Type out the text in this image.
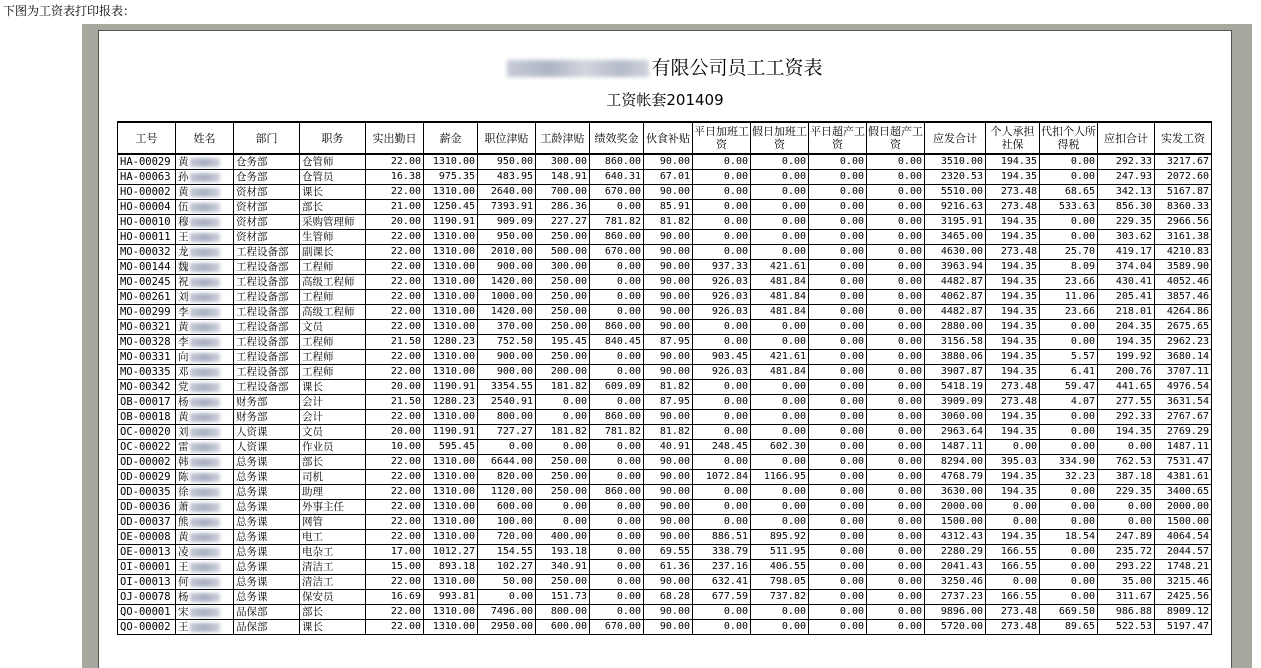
下图为工资表打印报表：
有限公司员工工资表
工资帐套201409
工号	姓名	部门	职务	实出勤日	薪金	职位津贴	工龄津贴	绩效奖金	伙食补贴	平日加班工资	假日加班工资	平日超产工资	假日超产工资	应发合计	个人承担社保	代扣个人所得税	应扣合计	实发工资
HA-00029	黄	仓务部	仓管师	22.00	1310.00	950.00	300.00	860.00	90.00	0.00	0.00	0.00	0.00	3510.00	194.35	0.00	292.33	3217.67
HA-00063	孙	仓务部	仓管员	16.38	975.35	483.95	148.91	640.31	67.01	0.00	0.00	0.00	0.00	2320.53	194.35	0.00	247.93	2072.60
HO-00002	黄	资材部	课长	22.00	1310.00	2640.00	700.00	670.00	90.00	0.00	0.00	0.00	0.00	5510.00	273.48	68.65	342.13	5167.87
HO-00004	伍	资材部	部长	21.00	1250.45	7393.91	286.36	0.00	85.91	0.00	0.00	0.00	0.00	9216.63	273.48	533.63	856.30	8360.33
HO-00010	穆	资材部	采购管理师	20.00	1190.91	909.09	227.27	781.82	81.82	0.00	0.00	0.00	0.00	3195.91	194.35	0.00	229.35	2966.56
HO-00011	王	资材部	生管师	22.00	1310.00	950.00	250.00	860.00	90.00	0.00	0.00	0.00	0.00	3465.00	194.35	0.00	303.62	3161.38
MO-00032	龙	工程设备部	副课长	22.00	1310.00	2010.00	500.00	670.00	90.00	0.00	0.00	0.00	0.00	4630.00	273.48	25.70	419.17	4210.83
MO-00144	魏	工程设备部	工程师	22.00	1310.00	900.00	300.00	0.00	90.00	937.33	421.61	0.00	0.00	3963.94	194.35	8.09	374.04	3589.90
MO-00245	祝	工程设备部	高级工程师	22.00	1310.00	1420.00	250.00	0.00	90.00	926.03	481.84	0.00	0.00	4482.87	194.35	23.66	430.41	4052.46
MO-00261	刘	工程设备部	工程师	22.00	1310.00	1000.00	250.00	0.00	90.00	926.03	481.84	0.00	0.00	4062.87	194.35	11.06	205.41	3857.46
MO-00299	李	工程设备部	高级工程师	22.00	1310.00	1420.00	250.00	0.00	90.00	926.03	481.84	0.00	0.00	4482.87	194.35	23.66	218.01	4264.86
MO-00321	黄	工程设备部	文员	22.00	1310.00	370.00	250.00	860.00	90.00	0.00	0.00	0.00	0.00	2880.00	194.35	0.00	204.35	2675.65
MO-00328	李	工程设备部	工程师	21.50	1280.23	752.50	195.45	840.45	87.95	0.00	0.00	0.00	0.00	3156.58	194.35	0.00	194.35	2962.23
MO-00331	向	工程设备部	工程师	22.00	1310.00	900.00	250.00	0.00	90.00	903.45	421.61	0.00	0.00	3880.06	194.35	5.57	199.92	3680.14
MO-00335	邓	工程设备部	工程师	22.00	1310.00	900.00	200.00	0.00	90.00	926.03	481.84	0.00	0.00	3907.87	194.35	6.41	200.76	3707.11
MO-00342	党	工程设备部	课长	20.00	1190.91	3354.55	181.82	609.09	81.82	0.00	0.00	0.00	0.00	5418.19	273.48	59.47	441.65	4976.54
OB-00017	杨	财务部	会计	21.50	1280.23	2540.91	0.00	0.00	87.95	0.00	0.00	0.00	0.00	3909.09	273.48	4.07	277.55	3631.54
OB-00018	黄	财务部	会计	22.00	1310.00	800.00	0.00	860.00	90.00	0.00	0.00	0.00	0.00	3060.00	194.35	0.00	292.33	2767.67
OC-00020	刘	人资课	文员	20.00	1190.91	727.27	181.82	781.82	81.82	0.00	0.00	0.00	0.00	2963.64	194.35	0.00	194.35	2769.29
OC-00022	雷	人资课	作业员	10.00	595.45	0.00	0.00	0.00	40.91	248.45	602.30	0.00	0.00	1487.11	0.00	0.00	0.00	1487.11
OD-00002	韩	总务课	部长	22.00	1310.00	6644.00	250.00	0.00	90.00	0.00	0.00	0.00	0.00	8294.00	395.03	334.90	762.53	7531.47
OD-00029	陈	总务课	司机	22.00	1310.00	820.00	250.00	0.00	90.00	1072.84	1166.95	0.00	0.00	4768.79	194.35	32.23	387.18	4381.61
OD-00035	徐	总务课	助理	22.00	1310.00	1120.00	250.00	860.00	90.00	0.00	0.00	0.00	0.00	3630.00	194.35	0.00	229.35	3400.65
OD-00036	萧	总务课	外事主任	22.00	1310.00	600.00	0.00	0.00	90.00	0.00	0.00	0.00	0.00	2000.00	0.00	0.00	0.00	2000.00
OD-00037	熊	总务课	网管	22.00	1310.00	100.00	0.00	0.00	90.00	0.00	0.00	0.00	0.00	1500.00	0.00	0.00	0.00	1500.00
OE-00008	黄	总务课	电工	22.00	1310.00	720.00	400.00	0.00	90.00	886.51	895.92	0.00	0.00	4312.43	194.35	18.54	247.89	4064.54
OE-00013	凌	总务课	电杂工	17.00	1012.27	154.55	193.18	0.00	69.55	338.79	511.95	0.00	0.00	2280.29	166.55	0.00	235.72	2044.57
OI-00001	王	总务课	清洁工	15.00	893.18	102.27	340.91	0.00	61.36	237.16	406.55	0.00	0.00	2041.43	166.55	0.00	293.22	1748.21
OI-00013	何	总务课	清洁工	22.00	1310.00	50.00	250.00	0.00	90.00	632.41	798.05	0.00	0.00	3250.46	0.00	0.00	35.00	3215.46
OJ-00078	杨	总务课	保安员	16.69	993.81	0.00	151.73	0.00	68.28	677.59	737.82	0.00	0.00	2737.23	166.55	0.00	311.67	2425.56
QO-00001	宋	品保部	部长	22.00	1310.00	7496.00	800.00	0.00	90.00	0.00	0.00	0.00	0.00	9896.00	273.48	669.50	986.88	8909.12
QO-00002	王	品保部	课长	22.00	1310.00	2950.00	600.00	670.00	90.00	0.00	0.00	0.00	0.00	5720.00	273.48	89.65	522.53	5197.47
